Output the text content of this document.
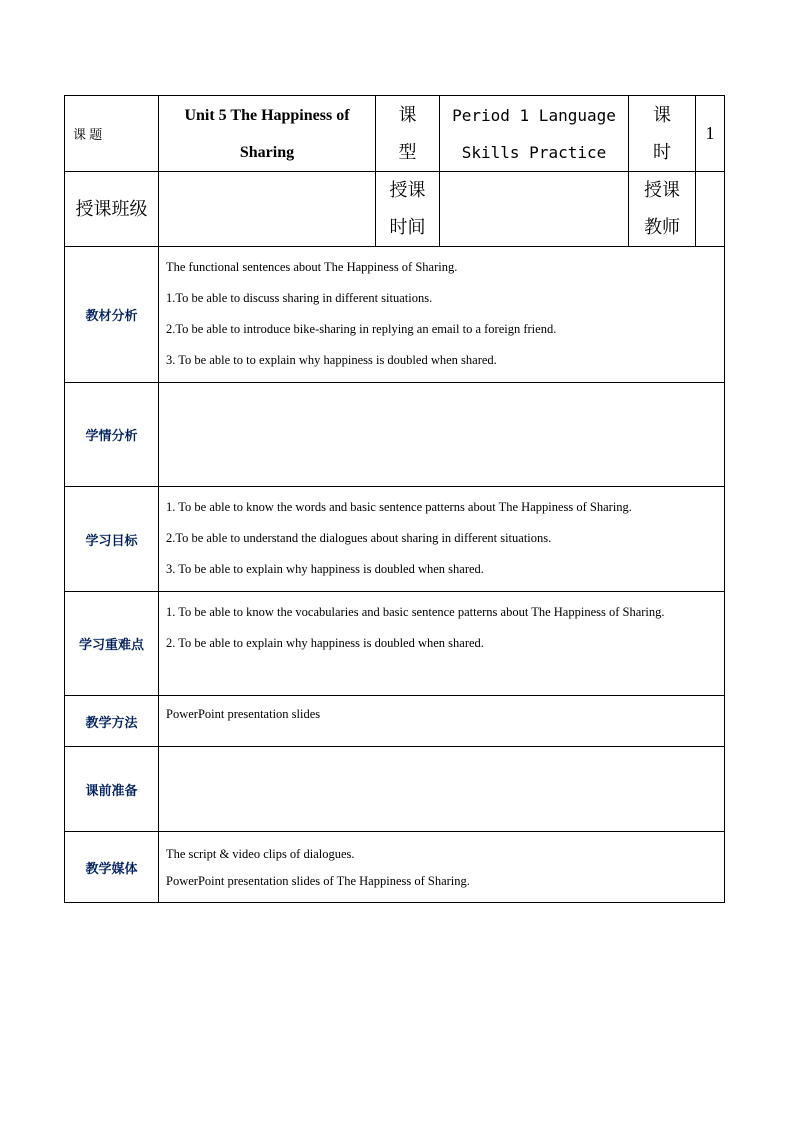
课 题	Unit 5 The Happiness of Sharing	课型	Period 1 Language Skills Practice	课时	1
授课班级		授课时间		授课教师	

教材分析	The functional sentences about The Happiness of Sharing.

1.To be able to discuss sharing in different situations.

2.To be able to introduce bike-sharing in replying an email to a foreign friend.

3. To be able to to explain why happiness is doubled when shared.				

学情分析					
学习目标	1. To be able to know the words and basic sentence patterns about The Happiness of Sharing.

2.To be able to understand the dialogues about sharing in different situations.

3. To be able to explain why happiness is doubled when shared.				

学习重难点	1. To be able to know the vocabularies and basic sentence patterns about The Happiness of Sharing.

2. To be able to explain why happiness is doubled when shared.				

教学方法	PowerPoint presentation slides				

课前准备					
教学媒体	The script & video clips of dialogues.

PowerPoint presentation slides of The Happiness of Sharing.				
